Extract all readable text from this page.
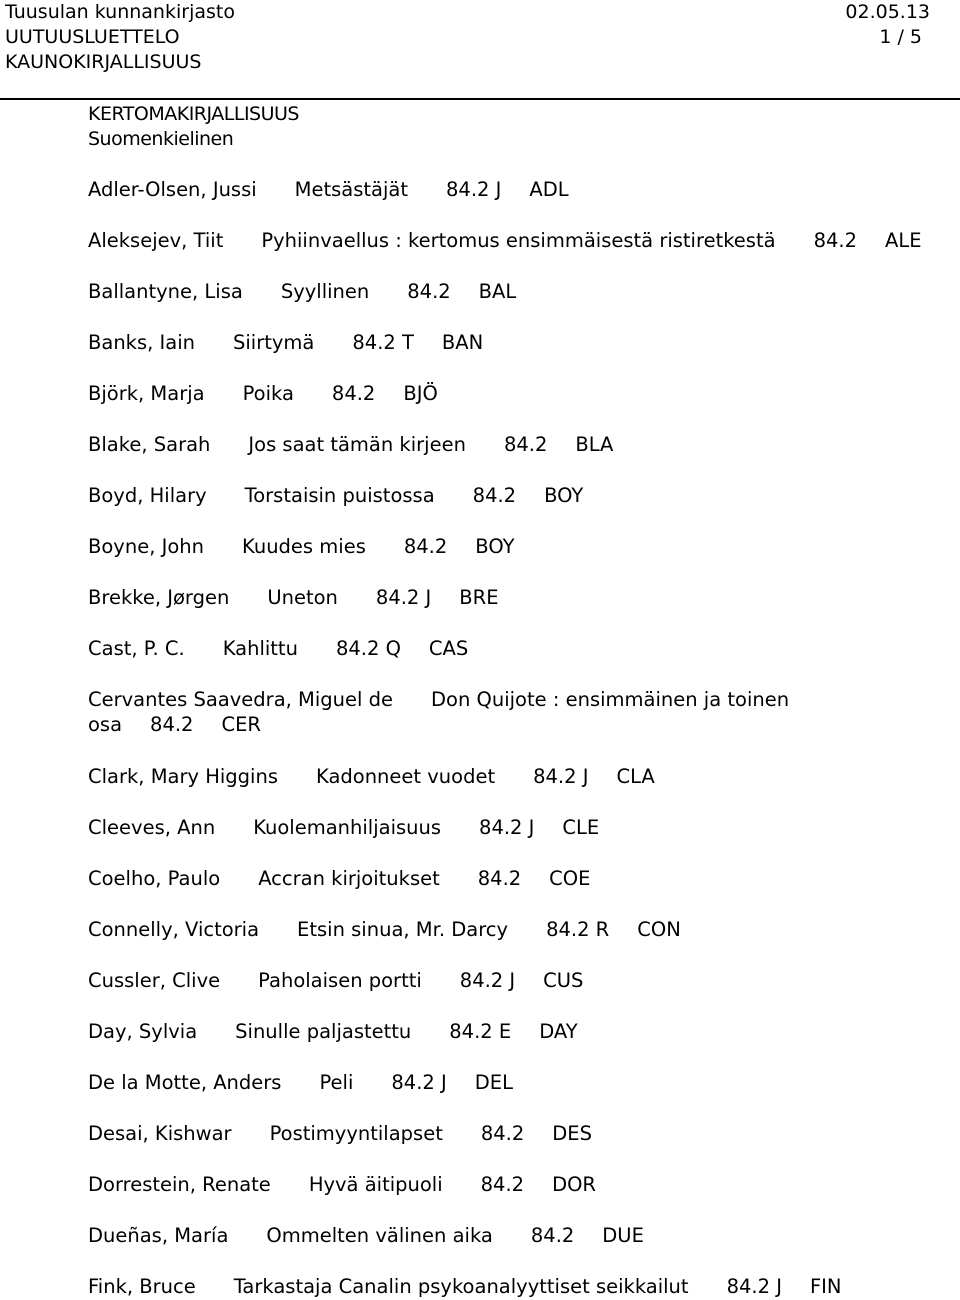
Tuusulan kunnankirjasto	02.05.13
UUTUUSLUETTELO	1 / 5
KAUNOKIRJALLISUUS
KERTOMAKIRJALLISUUS
Suomenkielinen
Adler-Olsen, Jussi Metsästäjät 84.2 J ADL
Aleksejev, Tiit Pyhiinvaellus : kertomus ensimmäisestä ristiretkestä 84.2 ALE
Ballantyne, Lisa Syyllinen 84.2 BAL
Banks, Iain Siirtymä 84.2 T BAN
Björk, Marja Poika 84.2 BJÖ
Blake, Sarah Jos saat tämän kirjeen 84.2 BLA
Boyd, Hilary Torstaisin puistossa 84.2 BOY
Boyne, John Kuudes mies 84.2 BOY
Brekke, Jørgen Uneton 84.2 J BRE
Cast, P. C. Kahlittu 84.2 Q CAS
Cervantes Saavedra, Miguel de Don Quijote : ensimmäinen ja toinen
osa 84.2 CER
Clark, Mary Higgins Kadonneet vuodet 84.2 J CLA
Cleeves, Ann Kuolemanhiljaisuus 84.2 J CLE
Coelho, Paulo Accran kirjoitukset 84.2 COE
Connelly, Victoria Etsin sinua, Mr. Darcy 84.2 R CON
Cussler, Clive Paholaisen portti 84.2 J CUS
Day, Sylvia Sinulle paljastettu 84.2 E DAY
De la Motte, Anders Peli 84.2 J DEL
Desai, Kishwar Postimyyntilapset 84.2 DES
Dorrestein, Renate Hyvä äitipuoli 84.2 DOR
Dueñas, María Ommelten välinen aika 84.2 DUE
Fink, Bruce Tarkastaja Canalin psykoanalyyttiset seikkailut 84.2 J FIN
